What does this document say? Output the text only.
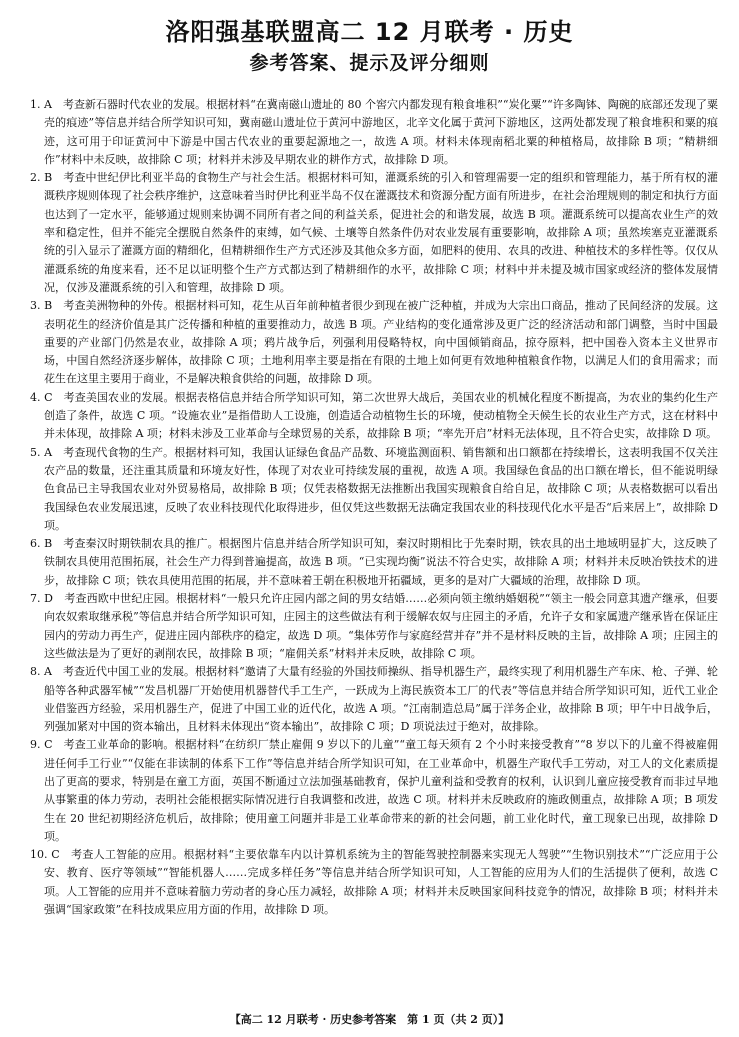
洛阳强基联盟高二 12 月联考 · 历史
参考答案、提示及评分细则

1. A　考查新石器时代农业的发展。根据材料“在冀南磁山遗址的 80 个窖穴内都发现有粮食堆积”“炭化粟”“许多陶钵、陶碗的底部还发现了粟壳的痕迹”等信息并结合所学知识可知，冀南磁山遗址位于黄河中游地区，北辛文化属于黄河下游地区，这两处都发现了粮食堆积和粟的痕迹，这可用于印证黄河中下游是中国古代农业的重要起源地之一，故选 A 项。材料未体现南稻北粟的种植格局，故排除 B 项；“精耕细作”材料中未反映，故排除 C 项；材料并未涉及早期农业的耕作方式，故排除 D 项。

2. B　考查中世纪伊比利亚半岛的食物生产与社会生活。根据材料可知，灌溉系统的引入和管理需要一定的组织和管理能力，基于所有权的灌溉秩序规则体现了社会秩序维护，这意味着当时伊比利亚半岛不仅在灌溉技术和资源分配方面有所进步，在社会治理规则的制定和执行方面也达到了一定水平，能够通过规则来协调不同所有者之间的利益关系，促进社会的和谐发展，故选 B 项。灌溉系统可以提高农业生产的效率和稳定性，但并不能完全摆脱自然条件的束缚，如气候、土壤等自然条件仍对农业发展有重要影响，故排除 A 项；虽然埃塞克亚灌溉系统的引入显示了灌溉方面的精细化，但精耕细作生产方式还涉及其他众多方面，如肥料的使用、农具的改进、种植技术的多样性等。仅仅从灌溉系统的角度来看，还不足以证明整个生产方式都达到了精耕细作的水平，故排除 C 项；材料中并未提及城市国家或经济的整体发展情况，仅涉及灌溉系统的引入和管理，故排除 D 项。

3. B　考查美洲物种的外传。根据材料可知，花生从百年前种植者很少到现在被广泛种植，并成为大宗出口商品，推动了民间经济的发展。这表明花生的经济价值是其广泛传播和种植的重要推动力，故选 B 项。产业结构的变化通常涉及更广泛的经济活动和部门调整，当时中国最重要的产业部门仍然是农业，故排除 A 项；鸦片战争后，列强利用侵略特权，向中国倾销商品，掠夺原料，把中国卷入资本主义世界市场，中国自然经济逐步解体，故排除 C 项；土地利用率主要是指在有限的土地上如何更有效地种植粮食作物，以满足人们的食用需求；而花生在这里主要用于商业，不是解决粮食供给的问题，故排除 D 项。

4. C　考查美国农业的发展。根据表格信息并结合所学知识可知，第二次世界大战后，美国农业的机械化程度不断提高，为农业的集约化生产创造了条件，故选 C 项。“设施农业”是指借助人工设施，创造适合动植物生长的环境，使动植物全天候生长的农业生产方式，这在材料中并未体现，故排除 A 项；材料未涉及工业革命与全球贸易的关系，故排除 B 项；“率先开启”材料无法体现，且不符合史实，故排除 D 项。

5. A　考查现代食物的生产。根据材料可知，我国认证绿色食品产品数、环境监测面积、销售额和出口额都在持续增长，这表明我国不仅关注农产品的数量，还注重其质量和环境友好性，体现了对农业可持续发展的重视，故选 A 项。我国绿色食品的出口额在增长，但不能说明绿色食品已主导我国农业对外贸易格局，故排除 B 项；仅凭表格数据无法推断出我国实现粮食自给自足，故排除 C 项；从表格数据可以看出我国绿色农业发展迅速，反映了农业科技现代化取得进步，但仅凭这些数据无法确定我国农业的科技现代化水平是否“后来居上”，故排除 D 项。

6. B　考查秦汉时期铁制农具的推广。根据图片信息并结合所学知识可知，秦汉时期相比于先秦时期，铁农具的出土地域明显扩大，这反映了铁制农具使用范围拓展，社会生产力得到普遍提高，故选 B 项。“已实现均衡”说法不符合史实，故排除 A 项；材料并未反映冶铁技术的进步，故排除 C 项；铁农具使用范围的拓展，并不意味着王朝在积极地开拓疆域，更多的是对广大疆域的治理，故排除 D 项。

7. D　考查西欧中世纪庄园。根据材料“一般只允许庄园内部之间的男女结婚……必须向领主缴纳婚姻税”“领主一般会同意其遗产继承，但要向农奴索取继承税”等信息并结合所学知识可知，庄园主的这些做法有利于缓解农奴与庄园主的矛盾，允许子女和家属遗产继承皆在保证庄园内的劳动力再生产，促进庄园内部秩序的稳定，故选 D 项。“集体劳作与家庭经营并存”并不是材料反映的主旨，故排除 A 项；庄园主的这些做法是为了更好的剥削农民，故排除 B 项；“雇佣关系”材料并未反映，故排除 C 项。

8. A　考查近代中国工业的发展。根据材料“邀请了大量有经验的外国技师操纵、指导机器生产，最终实现了利用机器生产车床、枪、子弹、轮船等各种武器军械”“发昌机器厂开始使用机器替代手工生产，一跃成为上海民族资本工厂的代表”等信息并结合所学知识可知，近代工业企业借鉴西方经验，采用机器生产，促进了中国工业的近代化，故选 A 项。“江南制造总局”属于洋务企业，故排除 B 项；甲午中日战争后，列强加紧对中国的资本输出，且材料未体现出“资本输出”，故排除 C 项；D 项说法过于绝对，故排除。

9. C　考查工业革命的影响。根据材料“在纺织厂禁止雇佣 9 岁以下的儿童”“童工每天须有 2 个小时来接受教育”“8 岁以下的儿童不得被雇佣进任何手工行业”“仅能在非读制的体系下工作”等信息并结合所学知识可知，在工业革命中，机器生产取代手工劳动，对工人的文化素质提出了更高的要求，特别是在童工方面，英国不断通过立法加强基础教育，保护儿童利益和受教育的权利，认识到儿童应接受教育而非过早地从事繁重的体力劳动，表明社会能根据实际情况进行自我调整和改进，故选 C 项。材料并未反映政府的施政侧重点，故排除 A 项；B 项发生在 20 世纪初期经济危机后，故排除；使用童工问题并非是工业革命带来的新的社会问题，前工业化时代，童工现象已出现，故排除 D 项。

10. C　考查人工智能的应用。根据材料“主要依靠车内以计算机系统为主的智能驾驶控制器来实现无人驾驶”“生物识别技术”“广泛应用于公安、教育、医疗等领域”“智能机器人……完成多样任务”等信息并结合所学知识可知，人工智能的应用为人们的生活提供了便利，故选 C 项。人工智能的应用并不意味着脑力劳动者的身心压力减轻，故排除 A 项；材料并未反映国家间科技竞争的情况，故排除 B 项；材料并未强调“国家政策”在科技成果应用方面的作用，故排除 D 项。

【高二 12 月联考 · 历史参考答案　第 1 页（共 2 页）】
